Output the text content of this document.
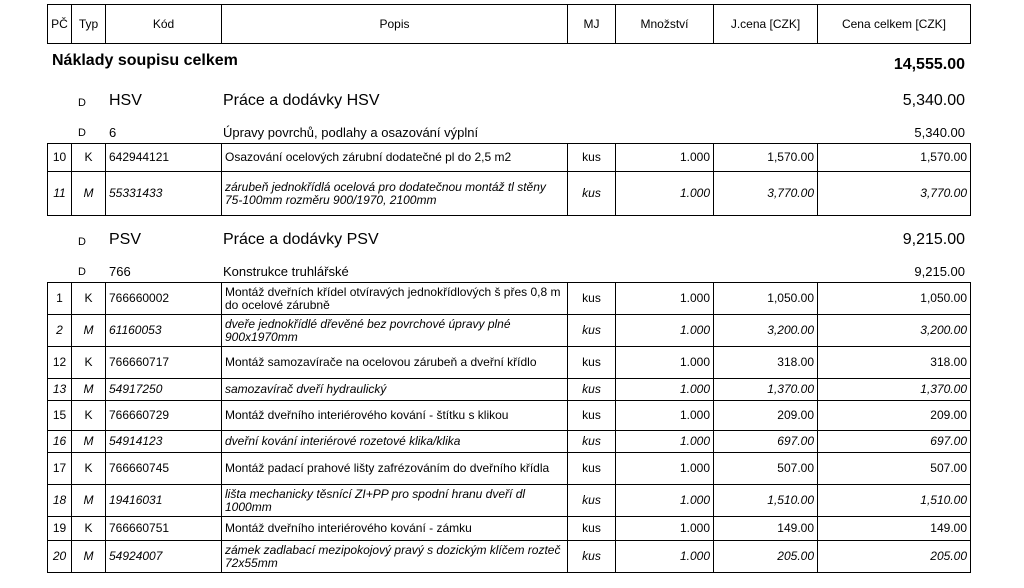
PČ	Typ	Kód	Popis	MJ	Množství	J.cena [CZK]	Cena celkem [CZK]
Náklady soupisu celkem	14,555.00
D HSV	Práce a dodávky HSV	5,340.00
D 6	Úpravy povrchů, podlahy a osazování výplní	5,340.00
10	K	642944121	Osazování ocelových zárubní dodatečné pl do 2,5 m2	kus	1.000	1,570.00	1,570.00
11	M	55331433	zárubeň jednokřídlá ocelová pro dodatečnou montáž tl stěny 75-100mm rozměru 900/1970, 2100mm	kus	1.000	3,770.00	3,770.00
D PSV	Práce a dodávky PSV	9,215.00
D 766	Konstrukce truhlářské	9,215.00
1	K	766660002	Montáž dveřních křídel otvíravých jednokřídlových š přes 0,8 m do ocelové zárubně	kus	1.000	1,050.00	1,050.00
2	M	61160053	dveře jednokřídlé dřevěné bez povrchové úpravy plné 900x1970mm	kus	1.000	3,200.00	3,200.00
12	K	766660717	Montáž samozavírače na ocelovou zárubeň a dveřní křídlo	kus	1.000	318.00	318.00
13	M	54917250	samozavírač dveří hydraulický	kus	1.000	1,370.00	1,370.00
15	K	766660729	Montáž dveřního interiérového kování - štítku s klikou	kus	1.000	209.00	209.00
16	M	54914123	dveřní kování interiérové rozetové klika/klika	kus	1.000	697.00	697.00
17	K	766660745	Montáž padací prahové lišty zafrézováním do dveřního křídla	kus	1.000	507.00	507.00
18	M	19416031	lišta mechanicky těsnící ZI+PP pro spodní hranu dveří dl 1000mm	kus	1.000	1,510.00	1,510.00
19	K	766660751	Montáž dveřního interiérového kování - zámku	kus	1.000	149.00	149.00
20	M	54924007	zámek zadlabací mezipokojový pravý s dozickým klíčem rozteč 72x55mm	kus	1.000	205.00	205.00
